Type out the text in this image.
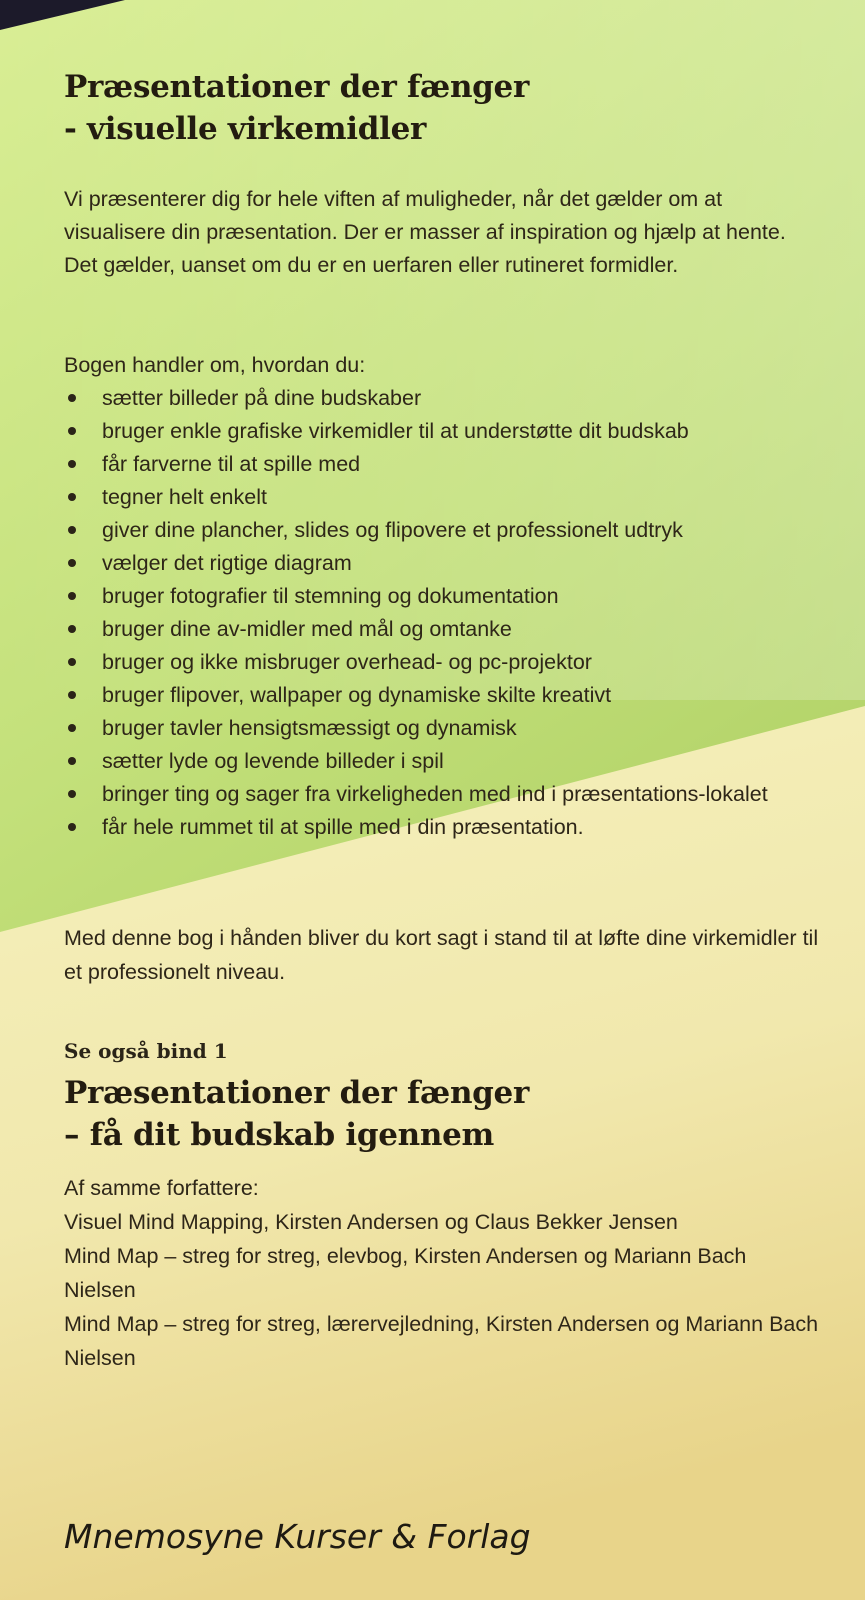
Præsentationer der fænger
- visuelle virkemidler

Vi præsenterer dig for hele viften af muligheder, når det gælder om at visualisere din præsentation. Der er masser af inspiration og hjælp at hente. Det gælder, uanset om du er en uerfaren eller rutineret formidler.

Bogen handler om, hvordan du:

sætter billeder på dine budskaber
bruger enkle grafiske virkemidler til at understøtte dit budskab
får farverne til at spille med
tegner helt enkelt
giver dine plancher, slides og flipovere et professionelt udtryk
vælger det rigtige diagram
bruger fotografier til stemning og dokumentation
bruger dine av-midler med mål og omtanke
bruger og ikke misbruger overhead- og pc-projektor
bruger flipover, wallpaper og dynamiske skilte kreativt
bruger tavler hensigtsmæssigt og dynamisk
sætter lyde og levende billeder i spil
bringer ting og sager fra virkeligheden med ind i præsentations-lokalet
får hele rummet til at spille med i din præsentation.

Med denne bog i hånden bliver du kort sagt i stand til at løfte dine virkemidler til et professionelt niveau.

Se også bind 1

Præsentationer der fænger
– få dit budskab igennem

Af samme forfattere:

Visuel Mind Mapping, Kirsten Andersen og Claus Bekker Jensen

Mind Map – streg for streg, elevbog, Kirsten Andersen og Mariann Bach Nielsen

Mind Map – streg for streg, lærervejledning, Kirsten Andersen og Mariann Bach Nielsen

Mnemosyne Kurser & Forlag
